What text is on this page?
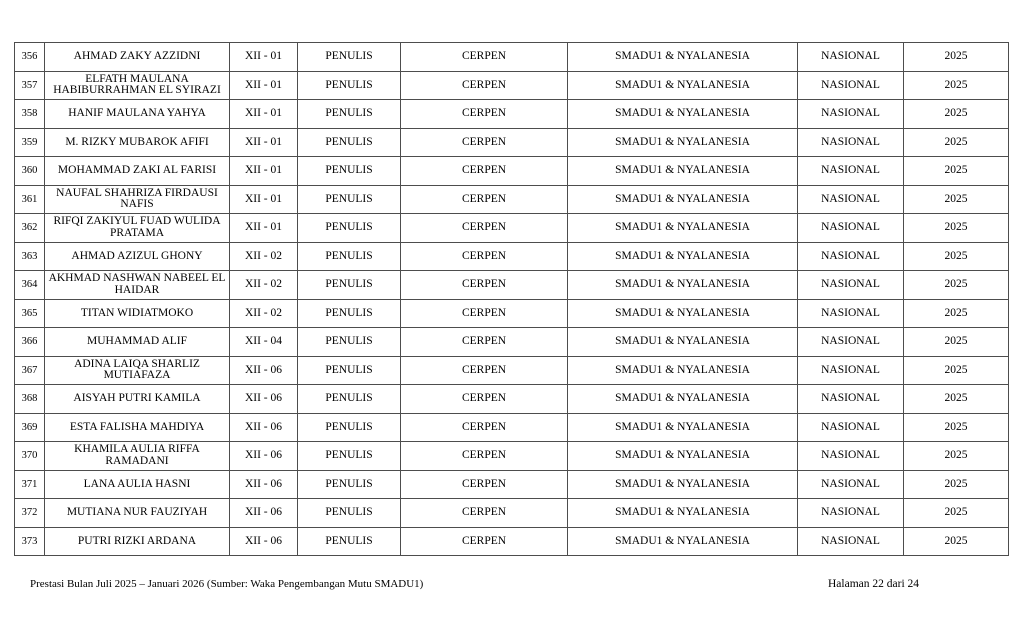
356	AHMAD ZAKY AZZIDNI	XII - 01	PENULIS	CERPEN	SMADU1 & NYALANESIA	NASIONAL	2025
357	ELFATH MAULANA HABIBURRAHMAN EL SYIRAZI	XII - 01	PENULIS	CERPEN	SMADU1 & NYALANESIA	NASIONAL	2025
358	HANIF MAULANA YAHYA	XII - 01	PENULIS	CERPEN	SMADU1 & NYALANESIA	NASIONAL	2025
359	M. RIZKY MUBAROK AFIFI	XII - 01	PENULIS	CERPEN	SMADU1 & NYALANESIA	NASIONAL	2025
360	MOHAMMAD ZAKI AL FARISI	XII - 01	PENULIS	CERPEN	SMADU1 & NYALANESIA	NASIONAL	2025
361	NAUFAL SHAHRIZA FIRDAUSI NAFIS	XII - 01	PENULIS	CERPEN	SMADU1 & NYALANESIA	NASIONAL	2025
362	RIFQI ZAKIYUL FUAD WULIDA PRATAMA	XII - 01	PENULIS	CERPEN	SMADU1 & NYALANESIA	NASIONAL	2025
363	AHMAD AZIZUL GHONY	XII - 02	PENULIS	CERPEN	SMADU1 & NYALANESIA	NASIONAL	2025
364	AKHMAD NASHWAN NABEEL EL HAIDAR	XII - 02	PENULIS	CERPEN	SMADU1 & NYALANESIA	NASIONAL	2025
365	TITAN WIDIATMOKO	XII - 02	PENULIS	CERPEN	SMADU1 & NYALANESIA	NASIONAL	2025
366	MUHAMMAD ALIF	XII - 04	PENULIS	CERPEN	SMADU1 & NYALANESIA	NASIONAL	2025
367	ADINA LAIQA SHARLIZ MUTIAFAZA	XII - 06	PENULIS	CERPEN	SMADU1 & NYALANESIA	NASIONAL	2025
368	AISYAH PUTRI KAMILA	XII - 06	PENULIS	CERPEN	SMADU1 & NYALANESIA	NASIONAL	2025
369	ESTA FALISHA MAHDIYA	XII - 06	PENULIS	CERPEN	SMADU1 & NYALANESIA	NASIONAL	2025
370	KHAMILA AULIA RIFFA RAMADANI	XII - 06	PENULIS	CERPEN	SMADU1 & NYALANESIA	NASIONAL	2025
371	LANA AULIA HASNI	XII - 06	PENULIS	CERPEN	SMADU1 & NYALANESIA	NASIONAL	2025
372	MUTIANA NUR FAUZIYAH	XII - 06	PENULIS	CERPEN	SMADU1 & NYALANESIA	NASIONAL	2025
373	PUTRI RIZKI ARDANA	XII - 06	PENULIS	CERPEN	SMADU1 & NYALANESIA	NASIONAL	2025
Prestasi Bulan Juli 2025 – Januari 2026 (Sumber: Waka Pengembangan Mutu SMADU1)	Halaman 22 dari 24
